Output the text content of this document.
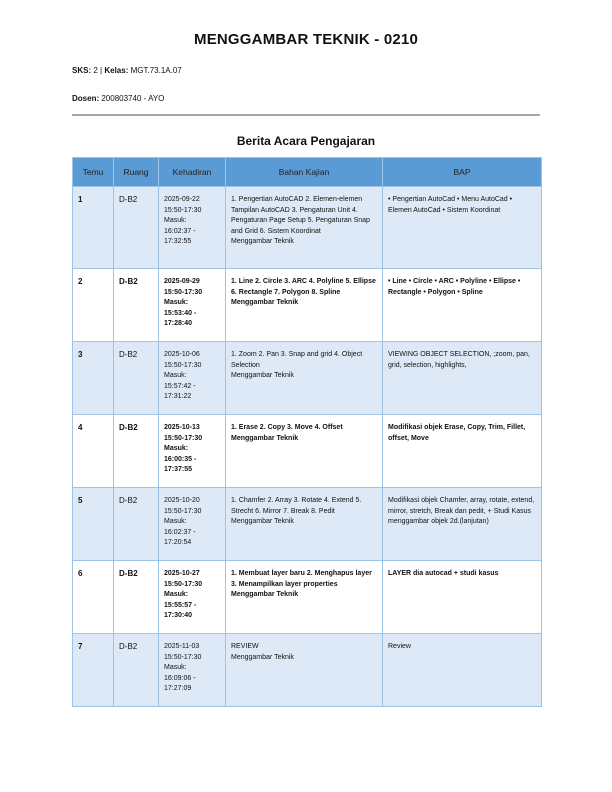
MENGGAMBAR TEKNIK - 0210
SKS: 2 | Kelas: MGT.73.1A.07
Dosen: 200803740 - AYO
Berita Acara Pengajaran
Temu	Ruang	Kehadiran	Bahan Kajian	BAP
1	D-B2	2025-09-22
15:50-17:30
Masuk:
16:02:37 -
17:32:55	1. Pengertian AutoCAD 2. Elemen-elemen Tampilan AutoCAD 3. Pengaturan Unit 4. Pengaturan Page Setup 5. Pengaturan Snap and Grid 6. Sistem Koordinat
Menggambar Teknik	• Pengertian AutoCad • Menu AutoCad • Elemen AutoCad • Sistem Koordinat
2	D-B2	2025-09-29
15:50-17:30
Masuk:
15:53:40 -
17:28:40	1. Line 2. Circle 3. ARC 4. Polyline 5. Ellipse 6. Rectangle 7. Polygon 8. Spline
Menggambar Teknik	• Line • Circle • ARC • Polyline • Ellipse • Rectangle • Polygon • Spline
3	D-B2	2025-10-06
15:50-17:30
Masuk:
15:57:42 -
17:31:22	1. Zoom 2. Pan 3. Snap and grid 4. Object Selection
Menggambar Teknik	VIEWING OBJECT SELECTION, ;zoom, pan, grid, selection, highlights,
4	D-B2	2025-10-13
15:50-17:30
Masuk:
16:00:35 -
17:37:55	1. Erase 2. Copy 3. Move 4. Offset
Menggambar Teknik	Modifikasi objek Erase, Copy, Trim, Fillet, offset, Move
5	D-B2	2025-10-20
15:50-17:30
Masuk:
16:02:37 -
17:20:54	1. Chamfer 2. Array 3. Rotate 4. Extend 5. Strecht 6. Mirror 7. Break 8. Pedit
Menggambar Teknik	Modifikasi objek Chamfer, array, rotate, extend, mirror, stretch, Break dan pedit, + Studi Kasus menggambar objek 2d.(lanjutan)
6	D-B2	2025-10-27
15:50-17:30
Masuk:
15:55:57 -
17:30:40	1. Membuat layer baru 2. Menghapus layer 3. Menampilkan layer properties
Menggambar Teknik	LAYER dia autocad + studi kasus
7	D-B2	2025-11-03
15:50-17:30
Masuk:
16:09:06 -
17:27:09	REVIEW
Menggambar Teknik	Review
